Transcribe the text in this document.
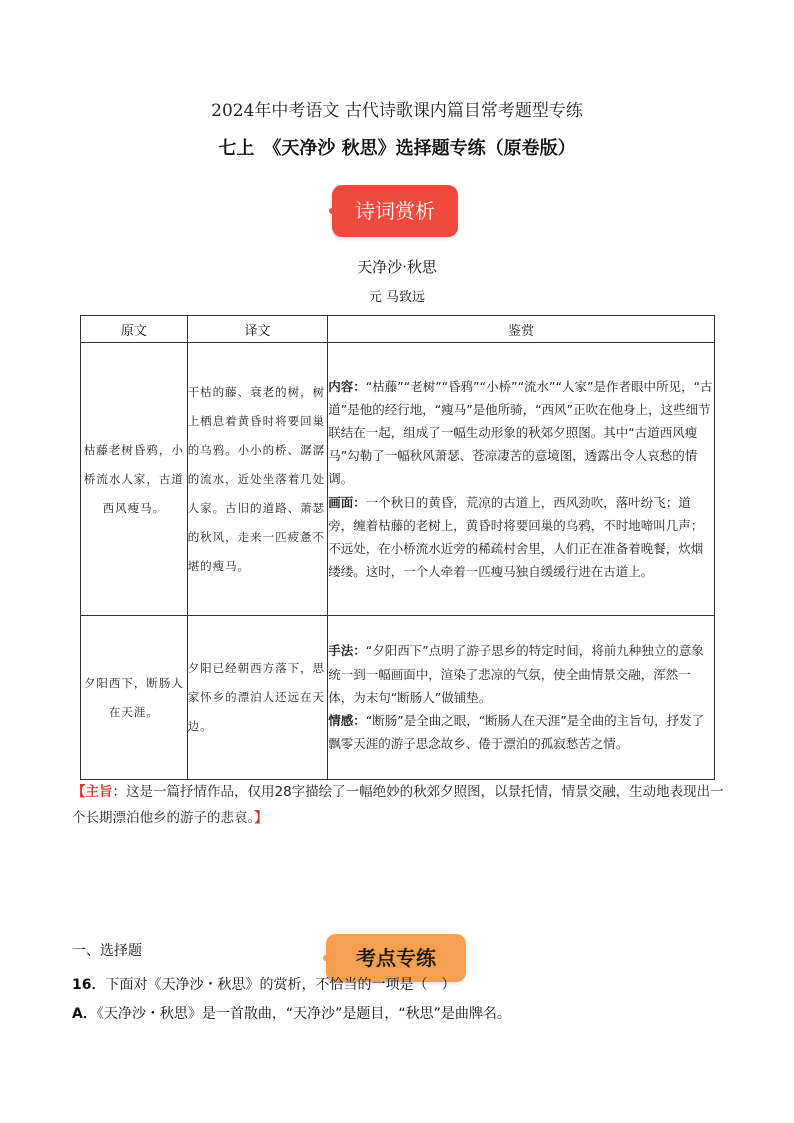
2024年中考语文 古代诗歌课内篇目常考题型专练
七上　《天净沙 秋思》选择题专练（原卷版）
诗词赏析
天净沙·秋思
元 马致远
原文	译文	鉴赏
枯藤老树昏鸦，小桥流水人家，古道西风瘦马。	干枯的藤、衰老的树，树上栖息着黄昏时将要回巢的乌鸦。小小的桥、潺潺的流水，近处坐落着几处人家。古旧的道路、萧瑟的秋风，走来一匹疲惫不堪的瘦马。	内容：“枯藤”“老树”“昏鸦”“小桥”“流水”“人家”是作者眼中所见，“古道”是他的经行地，“瘦马”是他所骑，“西风”正吹在他身上，这些细节联结在一起，组成了一幅生动形象的秋郊夕照图。其中“古道西风瘦马”勾勒了一幅秋风萧瑟、苍凉凄苦的意境图，透露出令人哀愁的情调。
画面：一个秋日的黄昏，荒凉的古道上，西风劲吹，落叶纷飞；道旁，缠着枯藤的老树上，黄昏时将要回巢的乌鸦，不时地啼叫几声；不远处，在小桥流水近旁的稀疏村舍里，人们正在准备着晚餐，炊烟缕缕。这时，一个人牵着一匹瘦马独自缓缓行进在古道上。

夕阳西下，断肠人在天涯。	夕阳已经朝西方落下，思家怀乡的漂泊人还远在天边。	手法：“夕阳西下”点明了游子思乡的特定时间，将前九种独立的意象统一到一幅画面中，渲染了悲凉的气氛，使全曲情景交融，浑然一体，为末句“断肠人”做铺垫。
情感：“断肠”是全曲之眼，“断肠人在天涯”是全曲的主旨句，抒发了飘零天涯的游子思念故乡、倦于漂泊的孤寂愁苦之情。
【主旨：这是一篇抒情作品，仅用28字描绘了一幅绝妙的秋郊夕照图，以景托情，情景交融，生动地表现出一个长期漂泊他乡的游子的悲哀。】
考点专练
一、选择题
16．下面对《天净沙・秋思》的赏析，不恰当的一项是（　）
A．《天净沙・秋思》是一首散曲，“天净沙”是题目，“秋思”是曲牌名。
